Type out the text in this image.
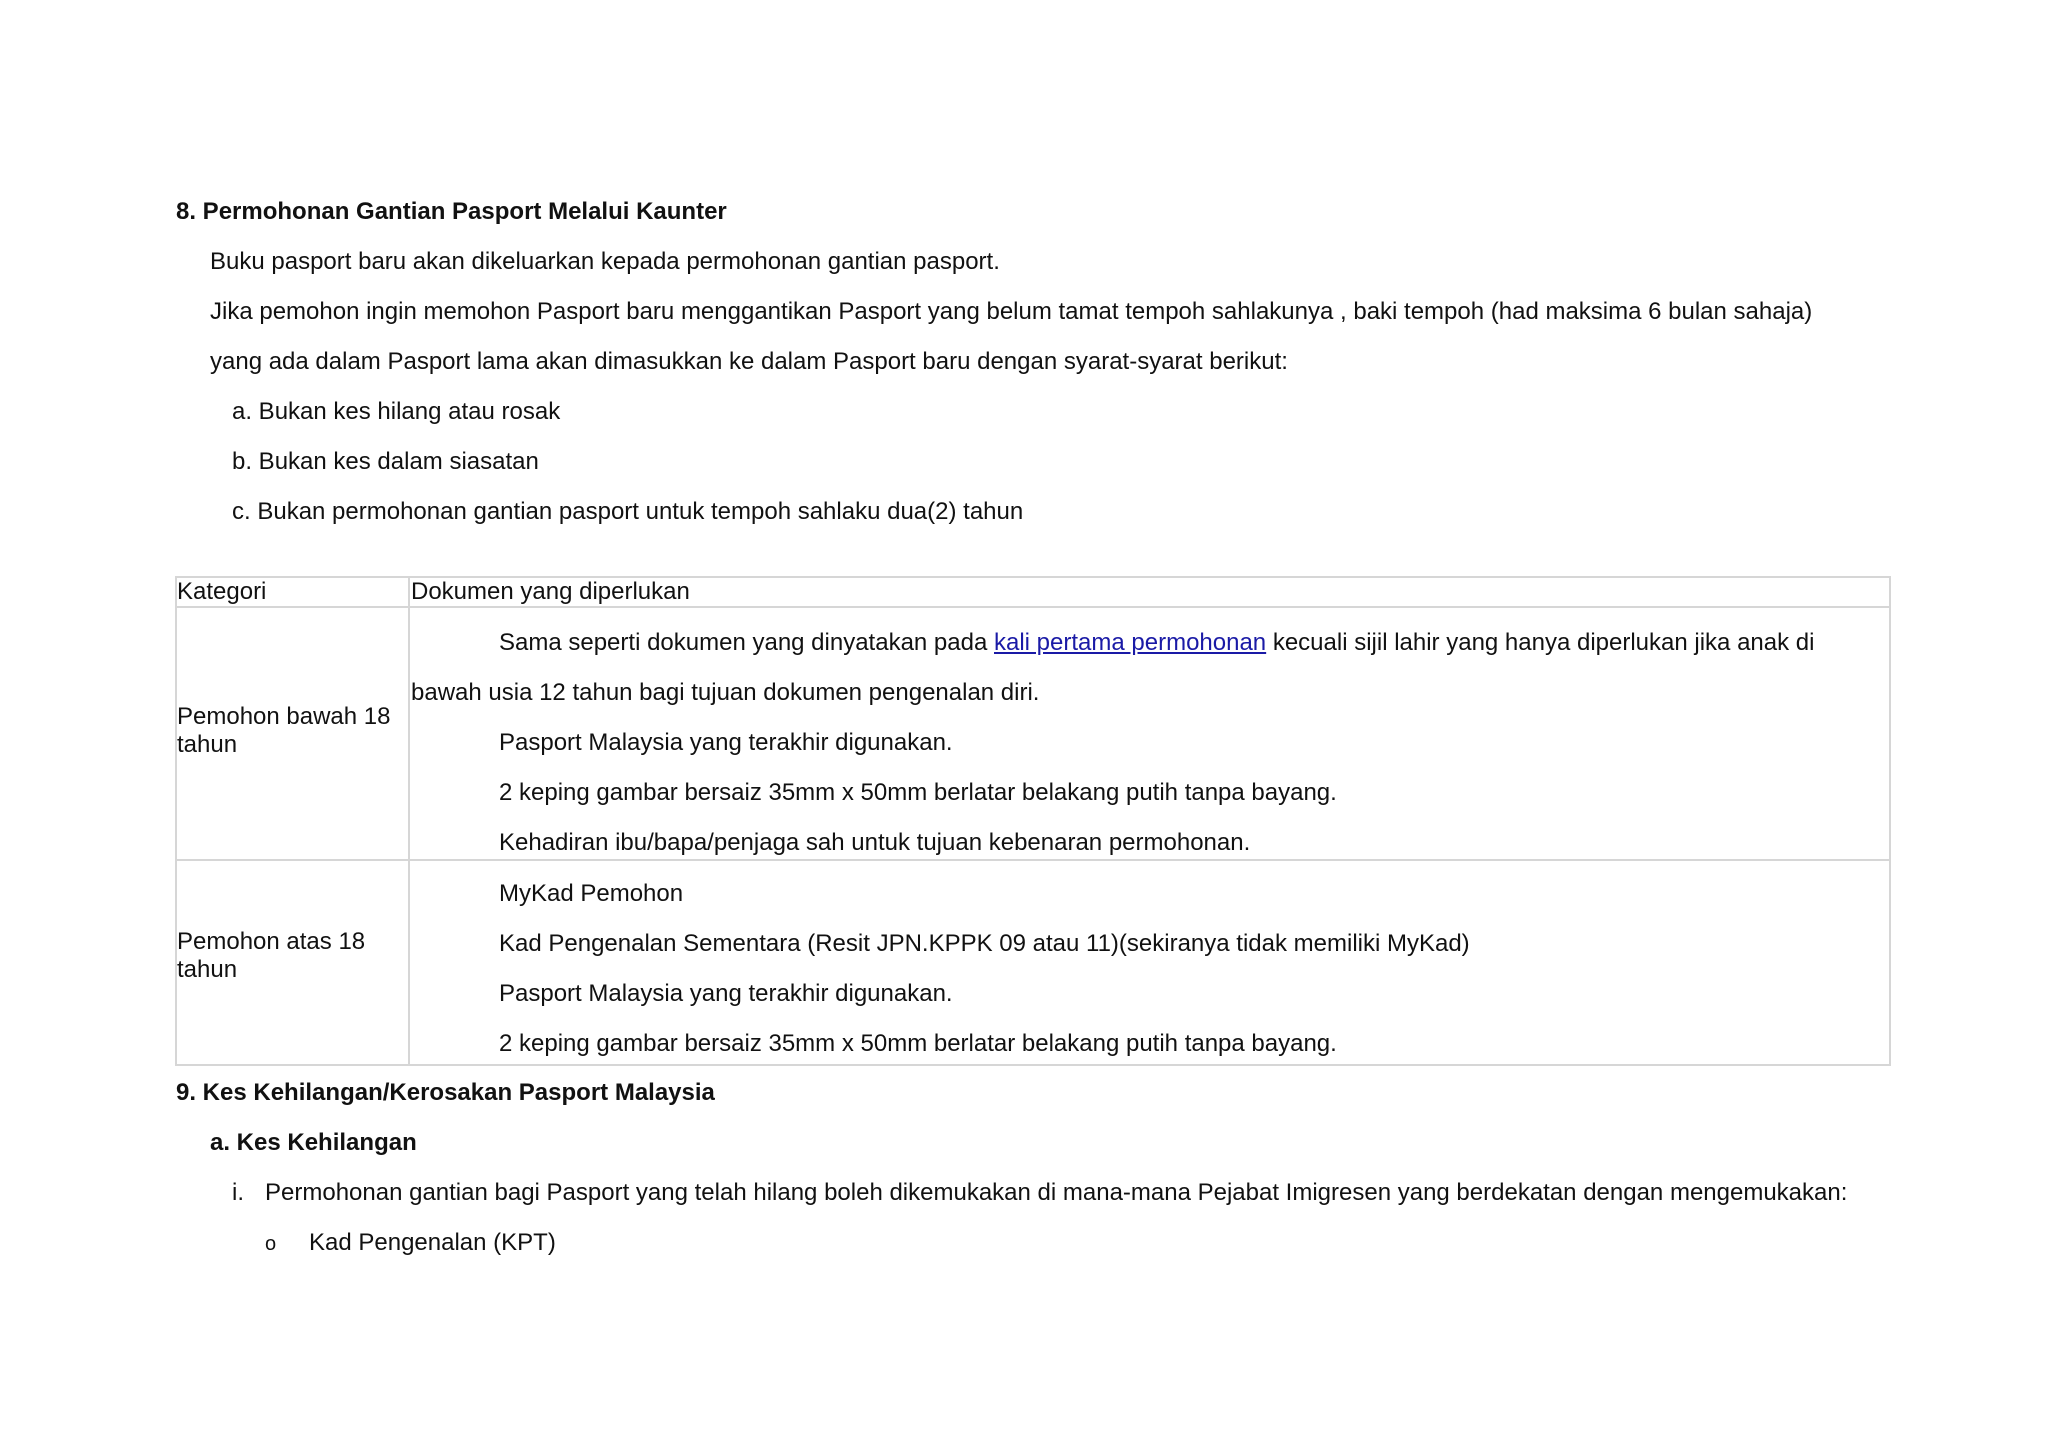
8. Permohonan Gantian Pasport Melalui Kaunter
Buku pasport baru akan dikeluarkan kepada permohonan gantian pasport.
Jika pemohon ingin memohon Pasport baru menggantikan Pasport yang belum tamat tempoh sahlakunya , baki tempoh (had maksima 6 bulan sahaja)
yang ada dalam Pasport lama akan dimasukkan ke dalam Pasport baru dengan syarat-syarat berikut:
a. Bukan kes hilang atau rosak
b. Bukan kes dalam siasatan
c. Bukan permohonan gantian pasport untuk tempoh sahlaku dua(2) tahun
Kategori	Dokumen yang diperlukan
Pemohon bawah 18 tahun
Sama seperti dokumen yang dinyatakan pada kali pertama permohonan kecuali sijil lahir yang hanya diperlukan jika anak di
bawah usia 12 tahun bagi tujuan dokumen pengenalan diri.
Pasport Malaysia yang terakhir digunakan.
2 keping gambar bersaiz 35mm x 50mm berlatar belakang putih tanpa bayang.
Kehadiran ibu/bapa/penjaga sah untuk tujuan kebenaran permohonan.
Pemohon atas 18 tahun
MyKad Pemohon
Kad Pengenalan Sementara (Resit JPN.KPPK 09 atau 11)(sekiranya tidak memiliki MyKad)
Pasport Malaysia yang terakhir digunakan.
2 keping gambar bersaiz 35mm x 50mm berlatar belakang putih tanpa bayang.
9. Kes Kehilangan/Kerosakan Pasport Malaysia
a. Kes Kehilangan
i. Permohonan gantian bagi Pasport yang telah hilang boleh dikemukakan di mana-mana Pejabat Imigresen yang berdekatan dengan mengemukakan:
o Kad Pengenalan (KPT)
